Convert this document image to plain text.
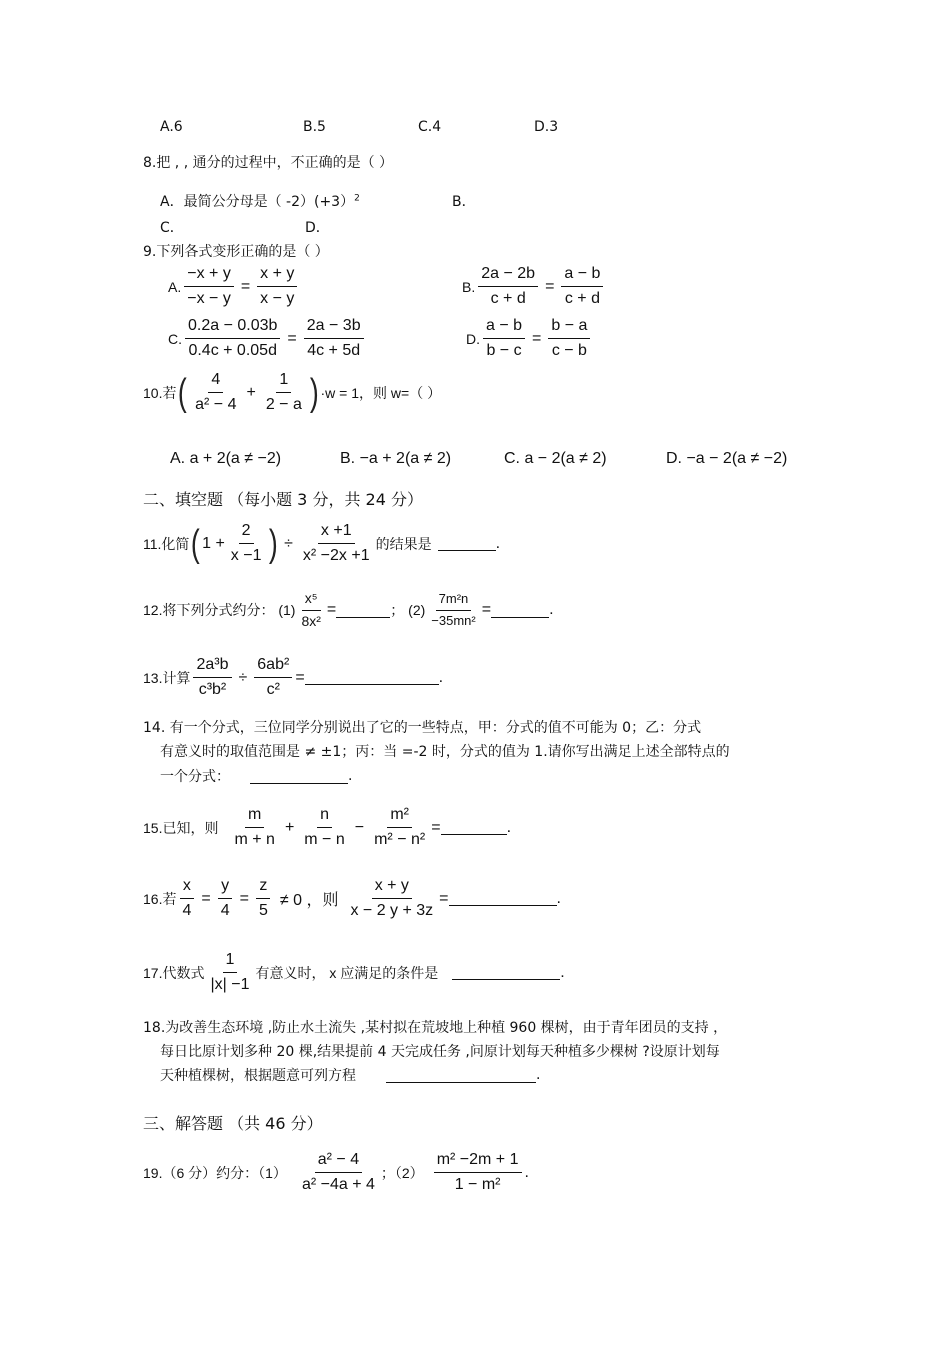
A.6	B.5	C.4	D.3
8.把 , , 通分的过程中，不正确的是（ ）
A．最简公分母是（ -2）(+3）$^2$	B．
C．	D．
9.下列各式变形正确的是（ ）
A. $\frac{-x + y}{-x - y} = \frac{x + y}{x - y}$	B. $\frac{2a - 2b}{c + d} = \frac{a - b}{c + d}$
C. $\frac{0.2a - 0.03b}{0.4c + 0.05d} = \frac{2a - 3b}{4c + 5d}$	D. $\frac{a - b}{b - c} = \frac{b - a}{c - b}$
10.若 ( $\frac{4}{\text{a² − 4}} + \frac{1}{2 - a}$ ) ·w = 1，则 w=（ ）
A. a + 2(a ≠ −2)	B. −a + 2(a ≠ 2)	C. a − 2(a ≠ 2)	D. −a − 2(a ≠ −2)
二、填空题 （每小题 3 分，共 24 分）
11.化简 ( $1 + \frac{2}{x -1}$ ) ÷ $\frac{x +1}{\text{x² −2x +1}}$ 的结果是	.
12.将下列分式约分： $(1) \frac{\text{x⁵}}{\text{8x²}}$ =	； $(2) \frac{\text{7m²n}}{\text{−35mn²}}$ =	.
13.计算 $\frac{\text{2a³b}}{\text{c³b²}} \div \frac{\text{6ab²}}{\text{c²}}$ =	.
14. 有一个分式，三位同学分别说出了它的一些特点，甲：分式的值不可能为 0；乙：分式
有意义时的取值范围是 ≠ ±1；丙：当 =-2 时，分式的值为 1.请你写出满足上述全部特点的
一个分式：	.
15.已知，则 $\frac{m}{m + n} + \frac{n}{m - n} - \frac{\text{m²}}{\text{m² − n²}}$ =	.
16.若 $\frac{x}{4} = \frac{y}{4} = \frac{z}{5} \ne 0$ ，则 $\frac{x + y}{x - 2 y + 3z}$ =	.
17.代数式 $\frac{1}{|x| -1}$ 有意义时， x 应满足的条件是	.
18.为改善生态环境 ,防止水土流失 ,某村拟在荒坡地上种植 960 棵树，由于青年团员的支持 ，
每日比原计划多种 20 棵,结果提前 4 天完成任务 ,问原计划每天种植多少棵树 ?设原计划每
天种植棵树，根据题意可列方程	.
三、解答题 （共 46 分）
19.（6 分）约分：$(1) \frac{\text{a² − 4}}{\text{a² −4a + 4}}$ ；$(2) \frac{\text{m² −2m + 1}}{\text{1 − m²}}$ .
